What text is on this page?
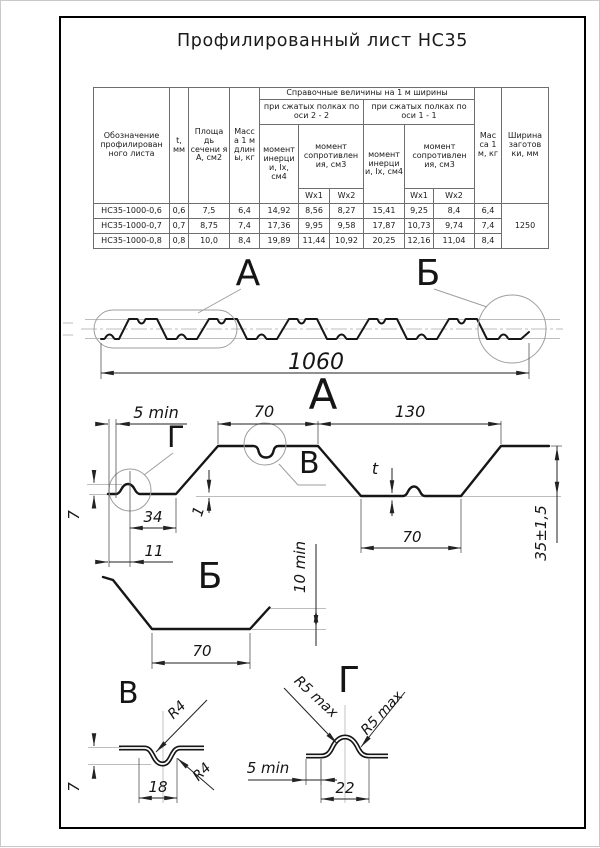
Профилированный лист НС35
Обозначение профилирован ного листа	t, мм	Площа дь сечени я А, см2	Масс а 1 м длин ы, кг	Справочные величины на 1 м ширины						Мас са 1 м, кг	Ширина заготов ки, мм
				при сжатых полках по оси 2 - 2			при сжатых полках по оси 1 - 1				
				момент инерци и, Ix, см4	момент сопротивлен ия, см3		момент инерци и, Ix, см4	момент сопротивлен ия, см3			
					Wx1	Wx2		Wx1	Wx2		
НС35-1000-0,6	0,6	7,5	6,4	14,92	8,56	8,27	15,41	9,25	8,4	6,4	1250
НС35-1000-0,7	0,7	8,75	7,4	17,36	9,95	9,58	17,87	10,73	9,74	7,4	
НС35-1000-0,8	0,8	10,0	8,4	19,89	11,44	10,92	20,25	12,16	11,04	8,4	
1060
А	Б
А
Г
В
5 min	70	130
7	34
11
1
t
70	35±1,5
10 min
Б
70
В R4
R4
7	18
Г
R5 max R5 max
5 min
22
